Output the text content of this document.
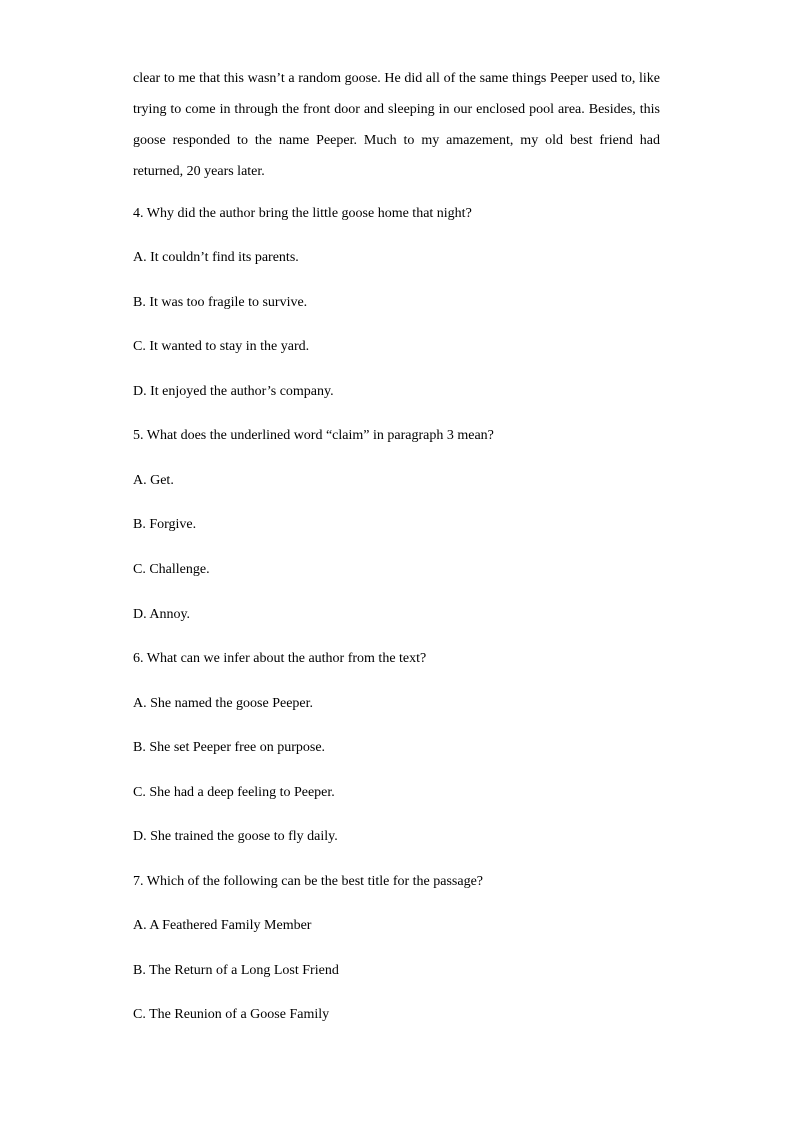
clear to me that this wasn’t a random goose. He did all of the same things Peeper used to, like
trying to come in through the front door and sleeping in our enclosed pool area. Besides, this
goose responded to the name Peeper. Much to my amazement, my old best friend had
returned, 20 years later.

4. Why did the author bring the little goose home that night?

A. It couldn’t find its parents.

B. It was too fragile to survive.

C. It wanted to stay in the yard.

D. It enjoyed the author’s company.

5. What does the underlined word “claim” in paragraph 3 mean?

A. Get.

B. Forgive.

C. Challenge.

D. Annoy.

6. What can we infer about the author from the text?

A. She named the goose Peeper.

B. She set Peeper free on purpose.

C. She had a deep feeling to Peeper.

D. She trained the goose to fly daily.

7. Which of the following can be the best title for the passage?

A. A Feathered Family Member

B. The Return of a Long Lost Friend

C. The Reunion of a Goose Family
